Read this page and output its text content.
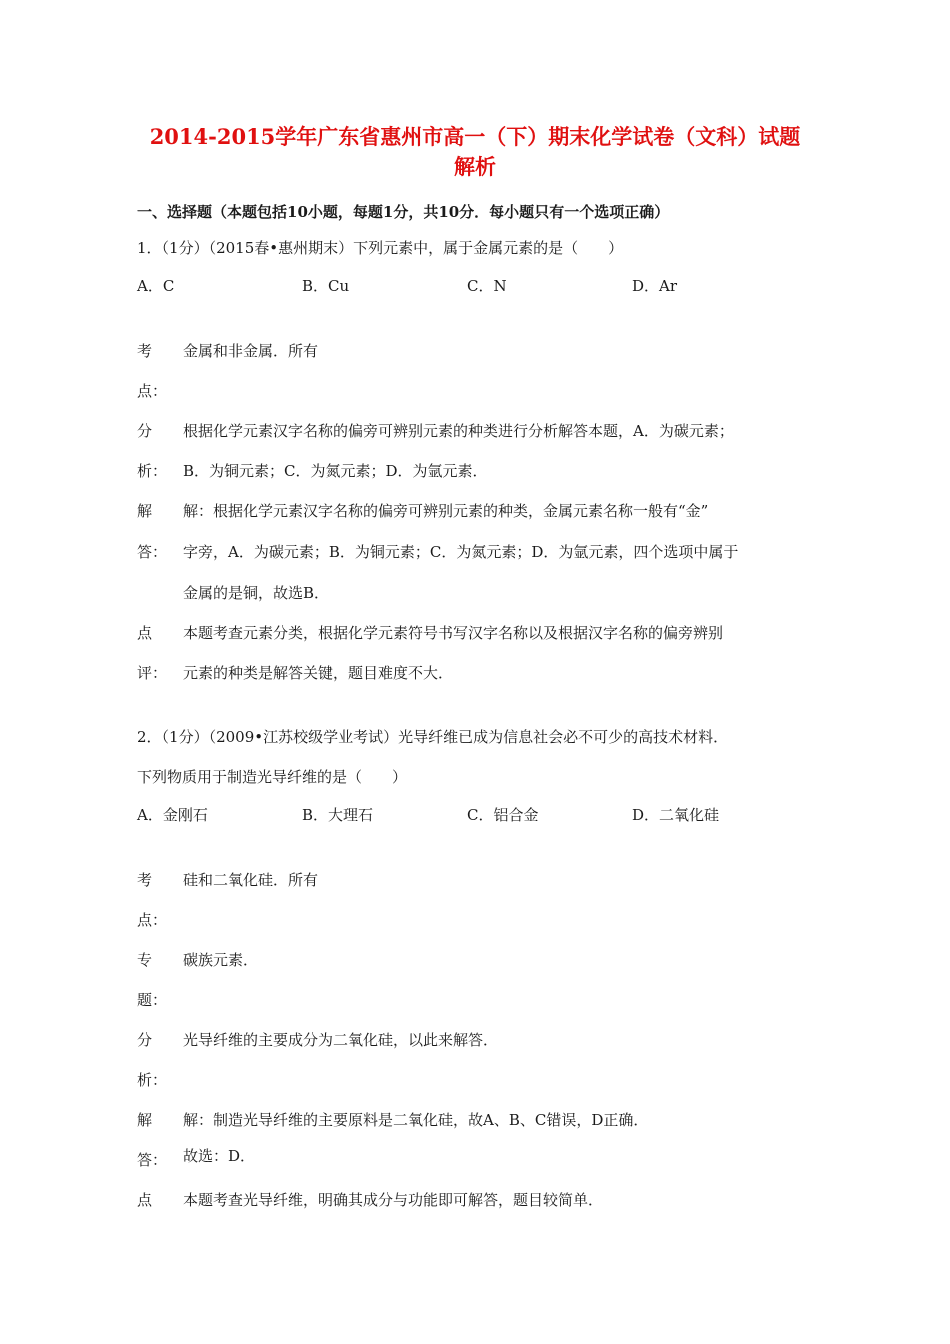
2014-2015学年广东省惠州市高一（下）期末化学试卷（文科）试题
解析
一、选择题（本题包括10小题，每题1分，共10分．每小题只有一个选项正确）
1．（1分）（2015春•惠州期末）下列元素中，属于金属元素的是（　　）
A．C	B．Cu	C．N	D．Ar
考
点：
金属和非金属．所有
分
析：
根据化学元素汉字名称的偏旁可辨别元素的种类进行分析解答本题，A．为碳元素；
B．为铜元素；C．为氮元素；D．为氩元素．
解
答：
解：根据化学元素汉字名称的偏旁可辨别元素的种类，金属元素名称一般有“金”
字旁，A．为碳元素；B．为铜元素；C．为氮元素；D．为氩元素，四个选项中属于
金属的是铜，故选B．
点
评：
本题考查元素分类，根据化学元素符号书写汉字名称以及根据汉字名称的偏旁辨别
元素的种类是解答关键，题目难度不大．
2．（1分）（2009•江苏校级学业考试）光导纤维已成为信息社会必不可少的高技术材料．
下列物质用于制造光导纤维的是（　　）
A．金刚石	B．大理石	C．铝合金	D．二氧化硅
考
点：
硅和二氧化硅．所有
专
题：
碳族元素．
分
析：
光导纤维的主要成分为二氧化硅，以此来解答．
解
答：
解：制造光导纤维的主要原料是二氧化硅，故A、B、C错误，D正确．
故选：D．
点 本题考查光导纤维，明确其成分与功能即可解答，题目较简单．
